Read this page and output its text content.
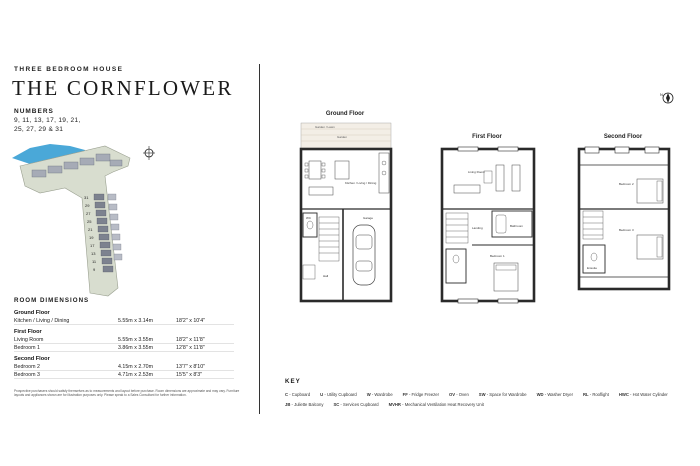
THREE BEDROOM HOUSE
THE CORNFLOWER
NUMBERS
9, 11, 13, 17, 19, 21,
25, 27, 29 & 31
31
29
27
25
21
19
17
13
11
9
ROOM DIMENSIONS
Ground Floor
Kitchen / Living / Dining	5.55m x 3.14m	18'2" x 10'4"
First Floor
Living Room	5.55m x 3.55m	18'2" x 11'8"
Bedroom 1	3.86m x 3.55m	12'8" x 11'8"
Second Floor
Bedroom 2	4.15m x 2.70m	13'7" x 8'10"
Bedroom 3	4.71m x 2.53m	15'5" x 8'3"
Prospective purchasers should satisfy themselves as to measurements and layout before purchase. Room dimensions are approximate and may vary. Furniture layouts and appliances shown are for illustration purposes only. Please speak to a Sales Consultant for further information.
N
Ground Floor
Garden / Lawn
Garden
Kitchen / Living / Dining
Garage
WC
Hall
First Floor
Living Room
Landing	Bathroom
Bedroom 1
Second Floor
Bedroom 2
Bedroom 3
Ensuite
KEY
C - Cupboard U - Utility Cupboard W - Wardrobe FF - Fridge Freezer OV - Oven SW - Space for Wardrobe WD - Washer Dryer RL - Rooflight HWC - Hot Water Cylinder
JB - Juliette Balcony SC - Services Cupboard MVHR - Mechanical Ventilation Heat Recovery Unit
